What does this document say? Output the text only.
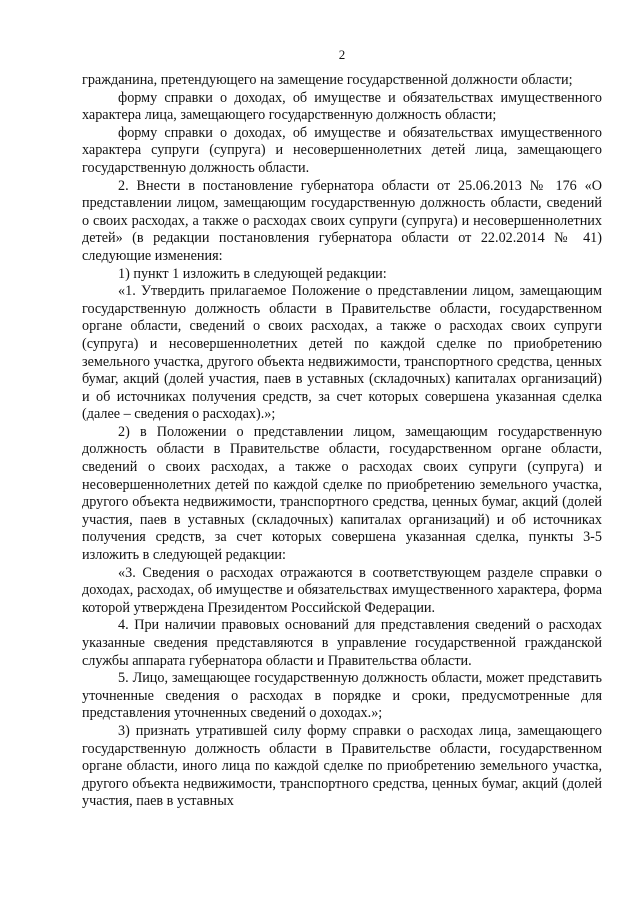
2

гражданина, претендующего на замещение государственной должности области;

форму справки о доходах, об имуществе и обязательствах имущественного характера лица, замещающего государственную должность области;

форму справки о доходах, об имуществе и обязательствах имущественного характера супруги (супруга) и несовершеннолетних детей лица, замещающего государственную должность области.

2. Внести в постановление губернатора области от 25.06.2013 № 176 «О представлении лицом, замещающим государственную должность области, сведений о своих расходах, а также о расходах своих супруги (супруга) и несовершеннолетних детей» (в редакции постановления губернатора области от 22.02.2014 № 41) следующие изменения:

1) пункт 1 изложить в следующей редакции:

«1. Утвердить прилагаемое Положение о представлении лицом, замещающим государственную должность области в Правительстве области, государственном органе области, сведений о своих расходах, а также о расходах своих супруги (супруга) и несовершеннолетних детей по каждой сделке по приобретению земельного участка, другого объекта недвижимости, транспортного средства, ценных бумаг, акций (долей участия, паев в уставных (складочных) капиталах организаций) и об источниках получения средств, за счет которых совершена указанная сделка (далее – сведения о расходах).»;

2) в Положении о представлении лицом, замещающим государственную должность области в Правительстве области, государственном органе области, сведений о своих расходах, а также о расходах своих супруги (супруга) и несовершеннолетних детей по каждой сделке по приобретению земельного участка, другого объекта недвижимости, транспортного средства, ценных бумаг, акций (долей участия, паев в уставных (складочных) капиталах организаций) и об источниках получения средств, за счет которых совершена указанная сделка, пункты 3-5 изложить в следующей редакции:

«3. Сведения о расходах отражаются в соответствующем разделе справки о доходах, расходах, об имуществе и обязательствах имущественного характера, форма которой утверждена Президентом Российской Федерации.

4. При наличии правовых оснований для представления сведений о расходах указанные сведения представляются в управление государственной гражданской службы аппарата губернатора области и Правительства области.

5. Лицо, замещающее государственную должность области, может представить уточненные сведения о расходах в порядке и сроки, предусмотренные для представления уточненных сведений о доходах.»;

3) признать утратившей силу форму справки о расходах лица, замещающего государственную должность области в Правительстве области, государственном органе области, иного лица по каждой сделке по приобретению земельного участка, другого объекта недвижимости, транспортного средства, ценных бумаг, акций (долей участия, паев в уставных
